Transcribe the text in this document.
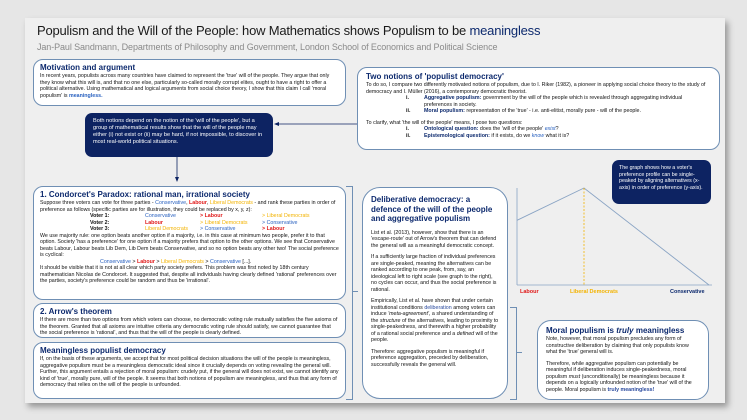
Populism and the Will of the People: how Mathematics shows Populism to be meaningless
Jan-Paul Sandmann, Departments of Philosophy and Government, London School of Economics and Political Science
Motivation and argument

In recent years, populists across many countries have claimed to represent the 'true' will of the people. They argue that only they know what this will is, and that no one else, particularly so-called morally corrupt elites, ought to have a right to offer a political alternative. Using mathematical and logical arguments from social choice theory, I show that this claim I call 'moral populism' is meaningless.

Two notions of 'populist democracy'

To do so, I compare two differently motivated notions of populism, due to I. Riker (1982), a pioneer in applying social choice theory to the study of democracy and I. Müller (2016), a contemporary democratic theorist.

i.	Aggregative populism: government by the will of the people which is revealed through aggregating individual preferences in society.
ii.	Moral populism: representation of the 'true' - i.e. anti-elitist, morally pure - will of the people.

To clarify, what 'the will of the people' means, I pose two questions:

i.	Ontological question: does the 'will of the people' exist?
ii.	Epistemological question: if it exists, do we know what it is?
Both notions depend on the notion of the 'will of the people', but a group of mathematical results show that the will of the people may either (i) not exist or (ii) may be hard, if not impossible, to discover in most real-world political situations.
1. Condorcet's Paradox: rational man, irrational society

Suppose three voters can vote for three parties - Conservative, Labour, Liberal Democrats - and rank these parties in order of preference as follows (specific parties are for illustration, they could be replaced by x, y, z):

Voter 1:	Conservative	> Labour	> Liberal Democrats
Voter 2:	Labour	> Liberal Democrats	> Conservative
Voter 3:	Liberal Democrats	> Conservative	> Labour

We use majority rule: one option beats another option if a majority, i.e. in this case at minimum two people, prefer it to that option. Society 'has a preference' for one option if a majority prefers that option to the other options. We see that Conservative beats Labour, Labour beats Lib Dem, Lib Dem beats Conservative, and so no option beats any other two! The social preference is cyclical:

Conservative > Labour > Liberal Democrats > Conservative [...].

It should be visible that it is not at all clear which party society prefers. This problem was first noted by 18th century mathematician Nicolas de Condorcet. It suggested that, despite all individuals having clearly defined 'rational' preferences over the parties, society's preference could be random and thus be 'irrational'.

2. Arrow's theorem

If there are more than two options from which voters can choose, no democratic voting rule mutually satisfies the five axioms of the theorem. Granted that all axioms are intuitive criteria any democratic voting rule should satisfy, we cannot guarantee that the social preference is 'rational', and thus that the will of the people is clearly defined.

Meaningless populist democracy

If, on the basis of these arguments, we accept that for most political decision situations the will of the people is meaningless, aggregative populism must be a meaningless democratic ideal since it crucially depends on voting revealing the general will. Further, this argument entails a rejection of moral populism: crudely put, if the general will does not exist, we cannot identify any kind of 'true', morally pure, will of the people. It seems that both notions of populism are meaningless, and thus that any form of democracy that relies on the will of the people is unfounded.

Deliberative democracy: a defence of the will of the people and aggregative populism

List et al. (2013), however, show that there is an 'escape-route' out of Arrow's theorem that can defend the general will as a meaningful democratic concept.

If a sufficiently large fraction of individual preferences are single-peaked, meaning the alternatives can be ranked according to one peak, from, say, an ideological left to right scale (see graph to the right), no cycles can occur, and thus the social preference is rational.

Empirically, List et al. have shown that under certain institutional conditions deliberation among voters can induce 'meta-agreement', a shared understanding of the structure of the alternatives, leading to proximity to single-peakedness, and therewith a higher probability of a rational social preference and a defined will of the people.

Therefore: aggregative populism is meaningful if preference aggregation, preceded by deliberation, successfully reveals the general will.

Labour	Liberal Democrats	Conservative
The graph shows how a voter's preference profile can be single-peaked by aligning alternatives (x-axis) in order of preference (y-axis).
Moral populism is truly meaningless

Note, however, that moral populism precludes any form of constructive deliberation by claiming that only populists know what the 'true' general will is.

Therefore, while aggregative populism can potentially be meaningful if deliberation induces single-peakedness, moral populism must (unconditionally) be meaningless because it depends on a logically unfounded notion of the 'true' will of the people. Moral populism is truly meaningless!
